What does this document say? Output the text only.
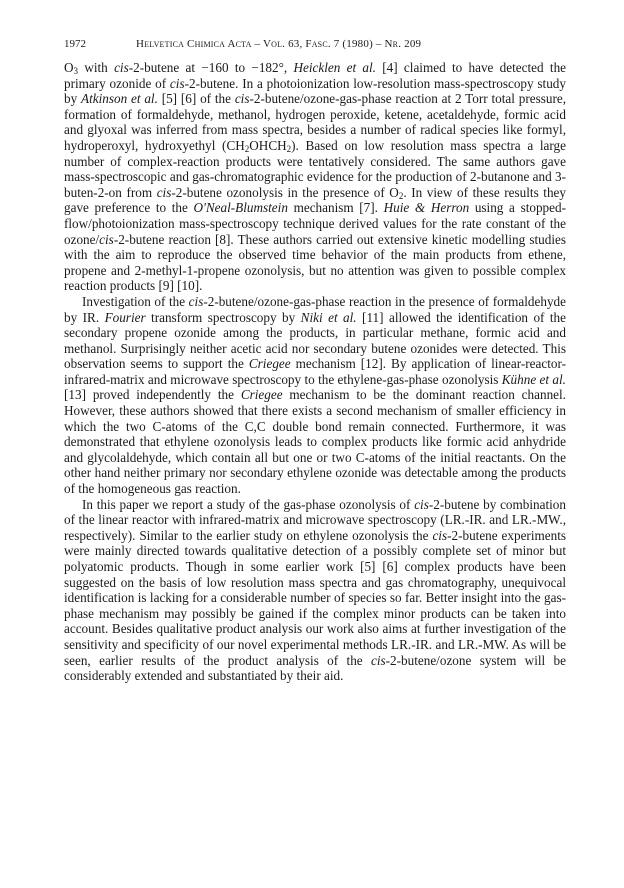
1972	Helvetica Chimica Acta – Vol. 63, Fasc. 7 (1980) – Nr. 209

$O_3$ with cis-2-butene at −160 to −182°, Heicklen et al. [4] claimed to have detected the primary ozonide of cis-2-butene. In a photoionization low-resolution mass-spectroscopy study by Atkinson et al. [5] [6] of the cis-2-butene/ozone-gas-phase reaction at 2 Torr total pressure, formation of formaldehyde, methanol, hydrogen peroxide, ketene, acetaldehyde, formic acid and glyoxal was inferred from mass spectra, besides a number of radical species like formyl, hydroperoxyl, hydroxyethyl $(CH_2OHCH_2)$. Based on low resolution mass spectra a large number of complex-reaction products were tentatively considered. The same authors gave mass-spectroscopic and gas-chromatographic evidence for the production of 2-butanone and 3-buten-2-on from cis-2-butene ozonolysis in the presence of $O_2$. In view of these results they gave preference to the O'Neal-Blumstein mechanism [7]. Huie & Herron using a stopped-flow/photoionization mass-spectroscopy technique derived values for the rate constant of the ozone/cis-2-butene reaction [8]. These authors carried out extensive kinetic modelling studies with the aim to reproduce the observed time behavior of the main products from ethene, propene and 2-methyl-1-propene ozonolysis, but no attention was given to possible complex reaction products [9] [10].

Investigation of the cis-2-butene/ozone-gas-phase reaction in the presence of formaldehyde by IR. Fourier transform spectroscopy by Niki et al. [11] allowed the identification of the secondary propene ozonide among the products, in particular methane, formic acid and methanol. Surprisingly neither acetic acid nor secondary butene ozonides were detected. This observation seems to support the Criegee mechanism [12]. By application of linear-reactor-infrared-matrix and microwave spectroscopy to the ethylene-gas-phase ozonolysis Kühne et al. [13] proved independently the Criegee mechanism to be the dominant reaction channel. However, these authors showed that there exists a second mechanism of smaller efficiency in which the two C-atoms of the C,C double bond remain connected. Furthermore, it was demonstrated that ethylene ozonolysis leads to complex products like formic acid anhydride and glycolaldehyde, which contain all but one or two C-atoms of the initial reactants. On the other hand neither primary nor secondary ethylene ozonide was detectable among the products of the homogeneous gas reaction.

In this paper we report a study of the gas-phase ozonolysis of cis-2-butene by combination of the linear reactor with infrared-matrix and microwave spectroscopy (LR.-IR. and LR.-MW., respectively). Similar to the earlier study on ethylene ozonolysis the cis-2-butene experiments were mainly directed towards qualitative detection of a possibly complete set of minor but polyatomic products. Though in some earlier work [5] [6] complex products have been suggested on the basis of low resolution mass spectra and gas chromatography, unequivocal identification is lacking for a considerable number of species so far. Better insight into the gas-phase mechanism may possibly be gained if the complex minor products can be taken into account. Besides qualitative product analysis our work also aims at further investigation of the sensitivity and specificity of our novel experimental methods LR.-IR. and LR.-MW. As will be seen, earlier results of the product analysis of the cis-2-butene/ozone system will be considerably extended and substantiated by their aid.
